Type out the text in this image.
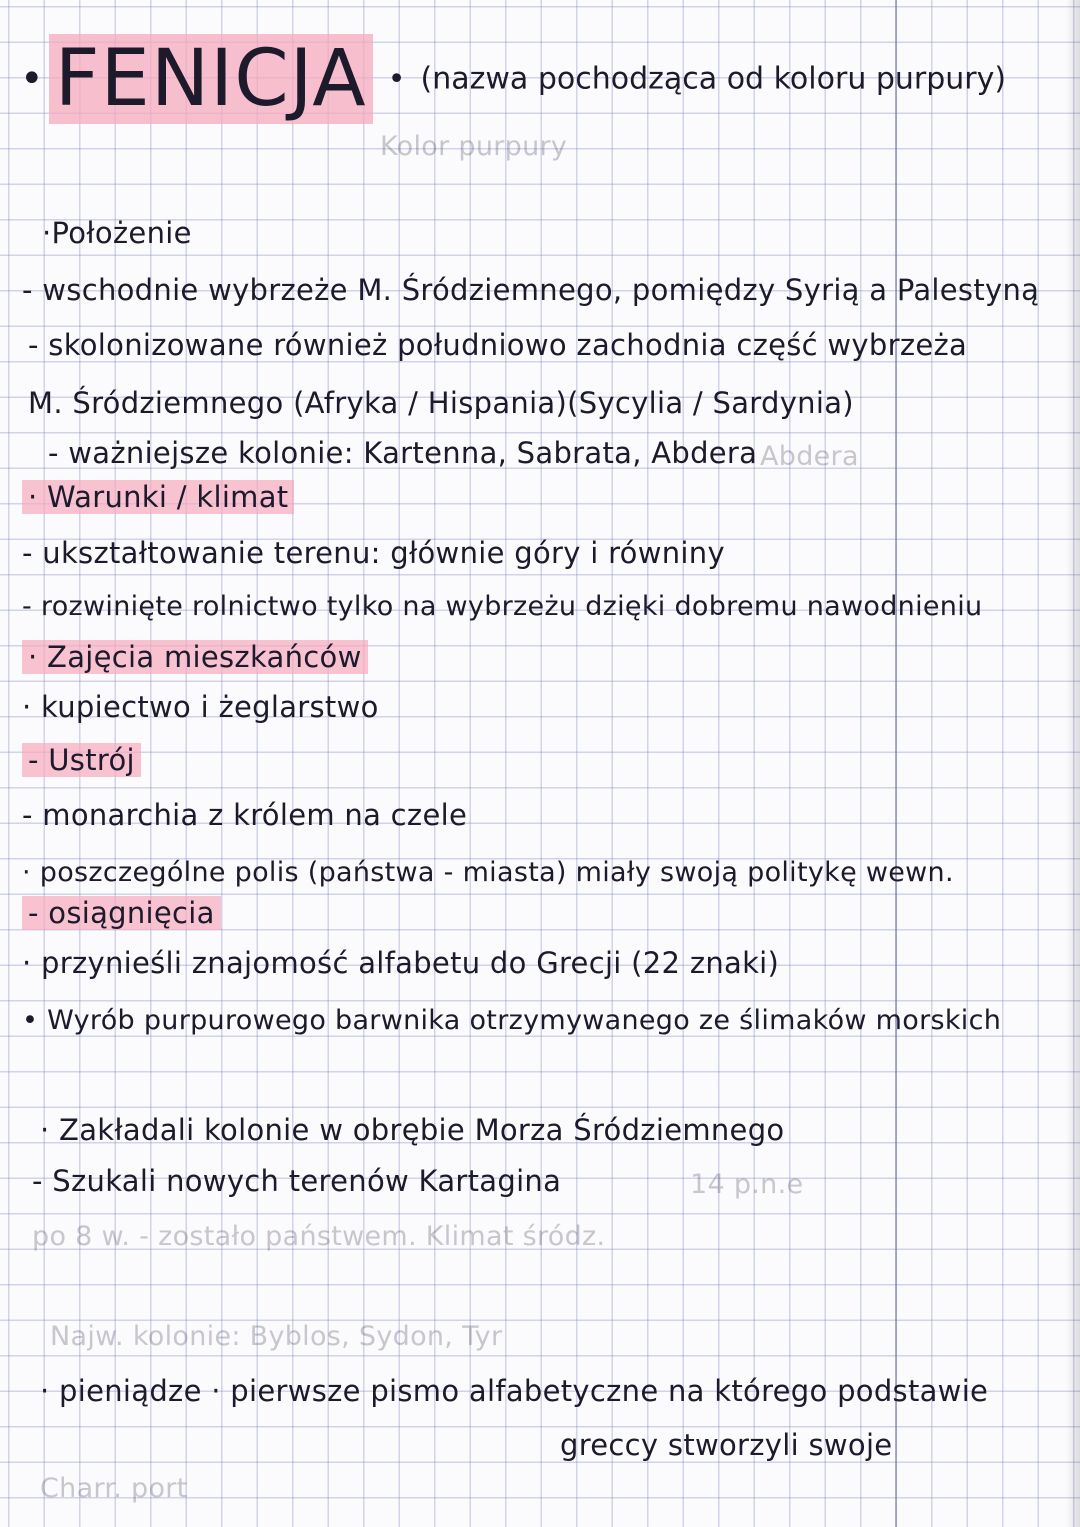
• FENICJA • (nazwa pochodząca od koloru purpury)
Kolor purpury
·Położenie
- wschodnie wybrzeże M. Śródziemnego, pomiędzy Syrią a Palestyną
- skolonizowane również południowo zachodnia część wybrzeża
M. Śródziemnego (Afryka / Hispania)(Sycylia / Sardynia)
- ważniejsze kolonie: Kartenna, Sabrata, Abdera Abdera
· Warunki / klimat
- ukształtowanie terenu: głównie góry i równiny
- rozwinięte rolnictwo tylko na wybrzeżu dzięki dobremu nawodnieniu
· Zajęcia mieszkańców
· kupiectwo i żeglarstwo
- Ustrój
- monarchia z królem na czele
· poszczególne polis (państwa - miasta) miały swoją politykę wewn.
- osiągnięcia
· przynieśli znajomość alfabetu do Grecji (22 znaki)
• Wyrób purpurowego barwnika otrzymywanego ze ślimaków morskich
· Zakładali kolonie w obrębie Morza Śródziemnego
- Szukali nowych terenów Kartagina	14 p.n.e
po 8 w. - zostało państwem. Klimat śródz.
Najw. kolonie: Byblos, Sydon, Tyr
· pieniądze · pierwsze pismo alfabetyczne na którego podstawie
greccy stworzyli swoje
Charr. port
